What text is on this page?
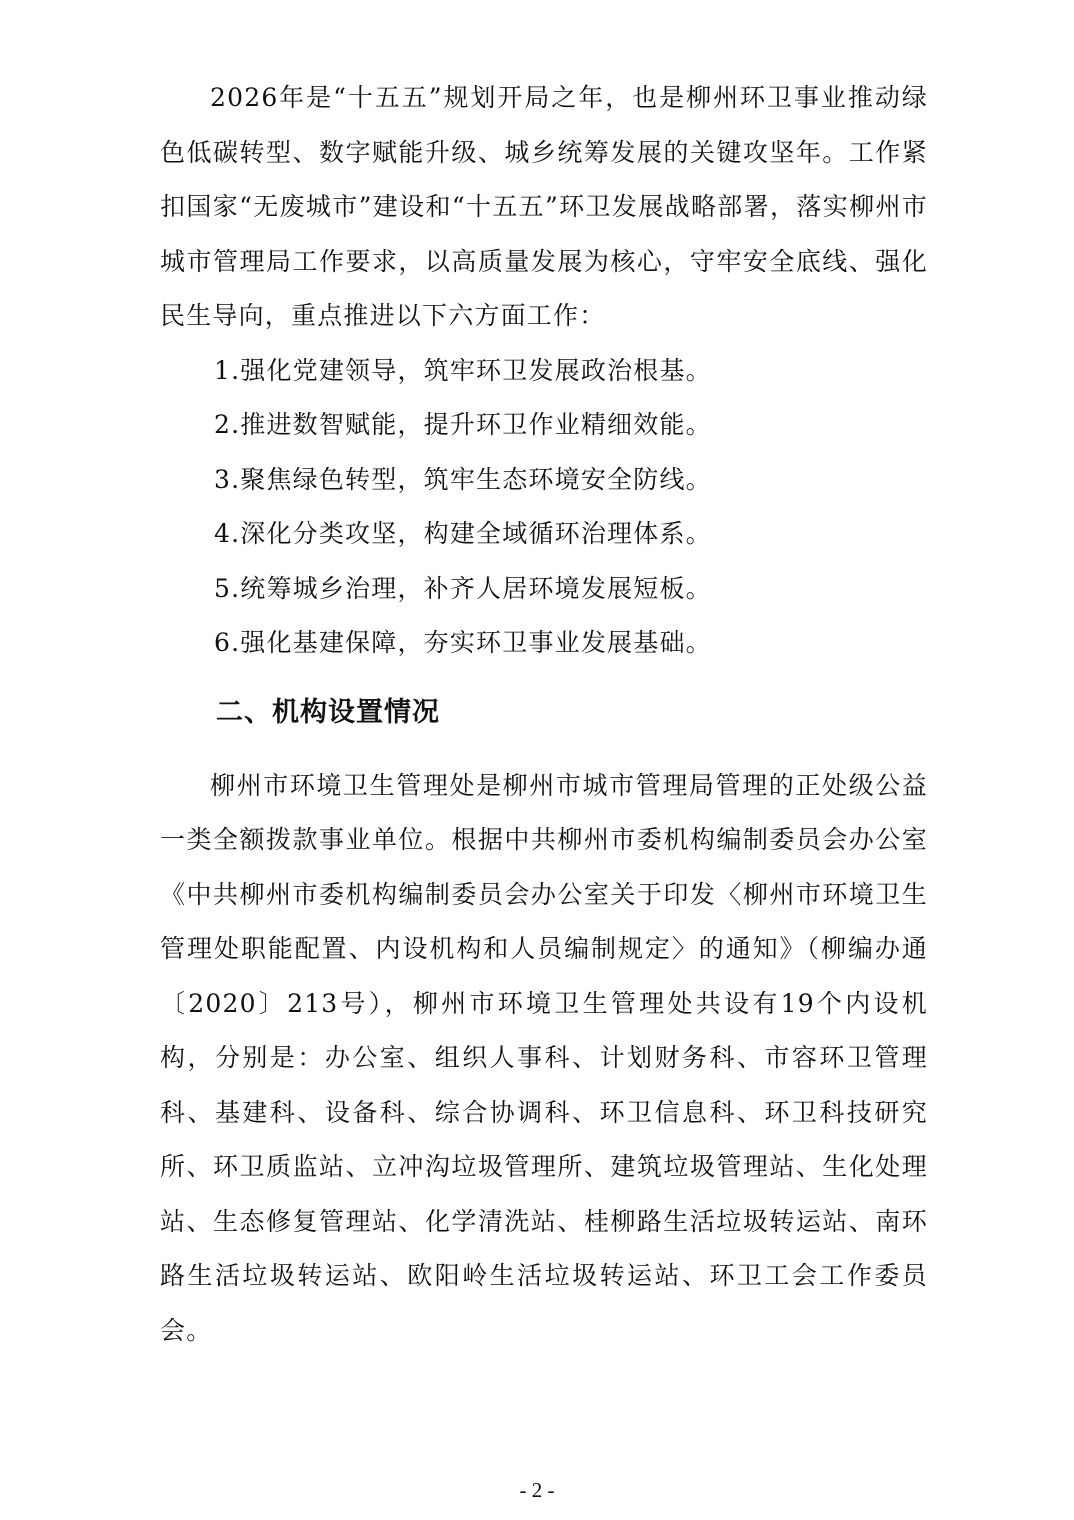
2026年是“十五五”规划开局之年，也是柳州环卫事业推动绿色低碳转型、数字赋能升级、城乡统筹发展的关键攻坚年。工作紧扣国家“无废城市”建设和“十五五”环卫发展战略部署，落实柳州市城市管理局工作要求，以高质量发展为核心，守牢安全底线、强化民生导向，重点推进以下六方面工作：

1.强化党建领导，筑牢环卫发展政治根基。
2.推进数智赋能，提升环卫作业精细效能。
3.聚焦绿色转型，筑牢生态环境安全防线。
4.深化分类攻坚，构建全域循环治理体系。
5.统筹城乡治理，补齐人居环境发展短板。
6.强化基建保障，夯实环卫事业发展基础。
二、机构设置情况

柳州市环境卫生管理处是柳州市城市管理局管理的正处级公益一类全额拨款事业单位。根据中共柳州市委机构编制委员会办公室《中共柳州市委机构编制委员会办公室关于印发〈柳州市环境卫生管理处职能配置、内设机构和人员编制规定〉的通知》（柳编办通〔2020〕213号），柳州市环境卫生管理处共设有19个内设机构，分别是：办公室、组织人事科、计划财务科、市容环卫管理科、基建科、设备科、综合协调科、环卫信息科、环卫科技研究所、环卫质监站、立冲沟垃圾管理所、建筑垃圾管理站、生化处理站、生态修复管理站、化学清洗站、桂柳路生活垃圾转运站、南环路生活垃圾转运站、欧阳岭生活垃圾转运站、环卫工会工作委员会。

- 2 -
